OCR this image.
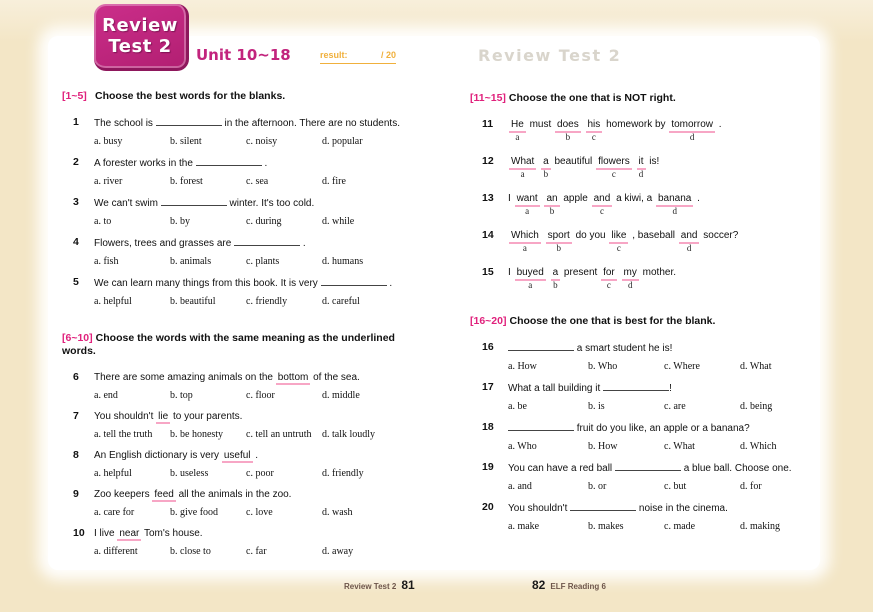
Review
Test 2	Unit 10~18	result:	/ 20	Review Test 2
[1~5] Choose the best words for the blanks.
1	The school is	in the afternoon. There are no students.
a. busy	b. silent	c. noisy	d. popular
2	A forester works in the	.
a. river	b. forest	c. sea	d. fire
3	We can't swim	winter. It's too cold.
a. to	b. by	c. during	d. while
4	Flowers, trees and grasses are	.
a. fish	b. animals	c. plants	d. humans
5	We can learn many things from this book. It is very	.
a. helpful	b. beautiful	c. friendly	d. careful
[6~10] Choose the words with the same meaning as the underlined words.
6	There are some amazing animals on the bottom of the sea.
a. end	b. top	c. floor	d. middle
7	You shouldn't lie to your parents.
a. tell the truth	b. be honesty	c. tell an untruth	d. talk loudly
8	An English dictionary is very useful .
a. helpful	b. useless	c. poor	d. friendly
9	Zoo keepers feed all the animals in the zoo.
a. care for	b. give food	c. love	d. wash
10 I live near Tom's house.
a. different	b. close to	c. far	d. away
[11~15] Choose the one that is NOT right.
11	He
a
must does
b
his
c
homework by tomorrow
d
.
12	What
a
a
b
beautiful flowers
c
it
d
is!
13	I want
a
an
b
apple and
c
a kiwi, a banana
d
.
14	Which
a
sport
b
do you like
c
, baseball and
d
soccer?
15	I buyed
a
a
b
present for
c
my
d
mother.
[16~20] Choose the one that is best for the blank.
16	a smart student he is!
a. How	b. Who	c. Where	d. What
17	What a tall building it	!
a. be	b. is	c. are	d. being
18	fruit do you like, an apple or a banana?
a. Who	b. How	c. What	d. Which
19	You can have a red ball	a blue ball. Choose one.
a. and	b. or	c. but	d. for
20	You shouldn't	noise in the cinema.
a. make	b. makes	c. made	d. making
Review Test 2 81	82 ELF Reading 6
